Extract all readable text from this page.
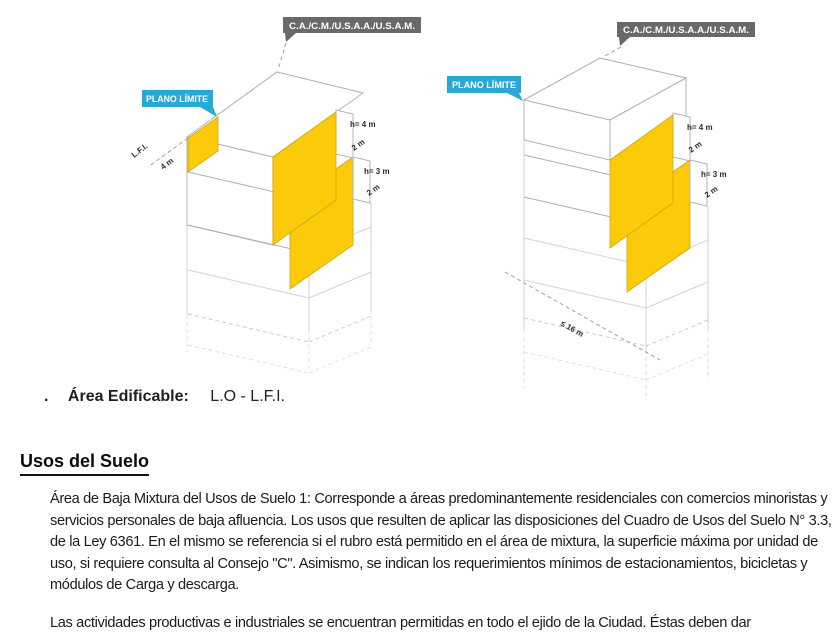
h= 4 m
2 m
h= 3 m
2 m
L.F.I.
4 m
PLANO LÍMITE
C.A./C.M./U.S.A.A./U.S.A.M.
h= 4 m
2 m
h= 3 m
2 m
≤ 16 m
PLANO LÍMITE
C.A./C.M./U.S.A.A./U.S.A.M.
. Área Edificable: L.O - L.F.I.
Usos del Suelo
Área de Baja Mixtura del Usos de Suelo 1: Corresponde a áreas predominantemente residenciales con comercios minoristas y servicios personales de baja afluencia. Los usos que resulten de aplicar las disposiciones del Cuadro de Usos del Suelo N° 3.3, de la Ley 6361. En el mismo se referencia si el rubro está permitido en el área de mixtura, la superficie máxima por unidad de uso, si requiere consulta al Consejo "C". Asimismo, se indican los requerimientos mínimos de estacionamientos, bicicletas y módulos de Carga y descarga.
Las actividades productivas e industriales se encuentran permitidas en todo el ejido de la Ciudad. Éstas deben dar
